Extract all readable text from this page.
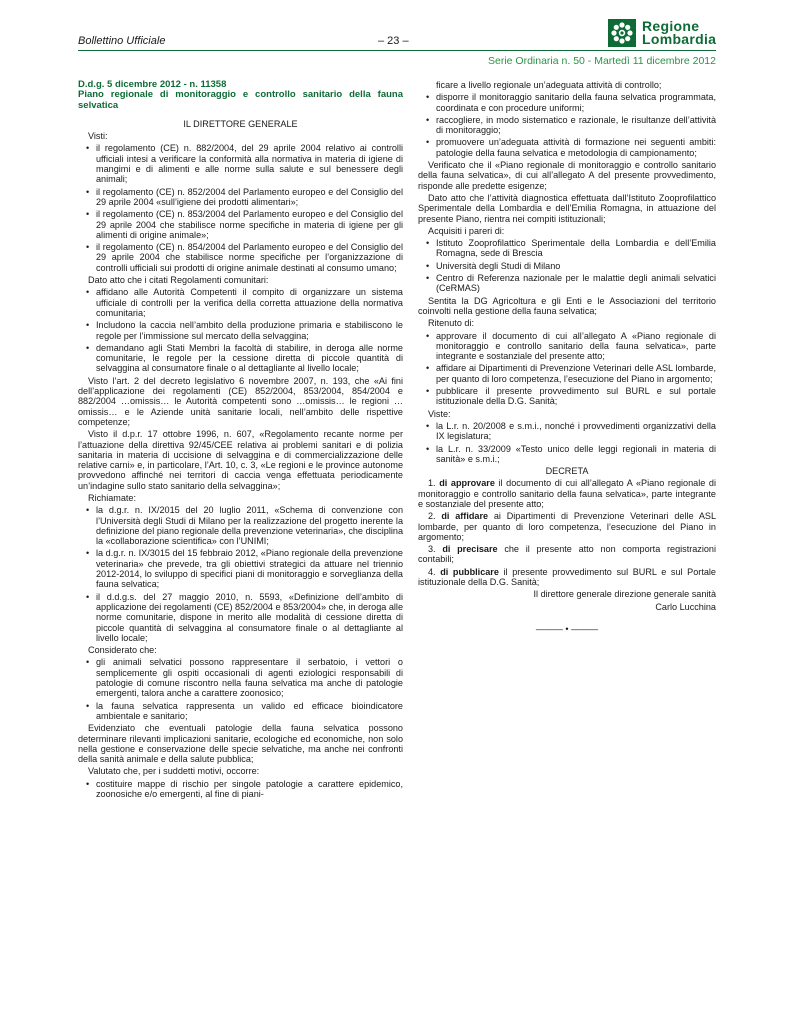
Bollettino Ufficiale	– 23 –
Regione
Lombardia
Serie Ordinaria n. 50 - Martedì 11 dicembre 2012
D.d.g. 5 dicembre 2012 - n. 11358
Piano regionale di monitoraggio e controllo sanitario della fauna selvatica

IL DIRETTORE GENERALE

Visti:

• il regolamento (CE) n. 882/2004, del 29 aprile 2004 relativo ai controlli ufficiali intesi a verificare la conformità alla normativa in materia di igiene di mangimi e di alimenti e alle norme sulla salute e sul benessere degli animali;
• il regolamento (CE) n. 852/2004 del Parlamento europeo e del Consiglio del 29 aprile 2004 «sull’igiene dei prodotti alimentari»;
• il regolamento (CE) n. 853/2004 del Parlamento europeo e del Consiglio del 29 aprile 2004 che stabilisce norme specifiche in materia di igiene per gli alimenti di origine animale»;
• il regolamento (CE) n. 854/2004 del Parlamento europeo e del Consiglio del 29 aprile 2004 che stabilisce norme specifiche per l’organizzazione di controlli ufficiali sui prodotti di origine animale destinati al consumo umano;

Dato atto che i citati Regolamenti comunitari:

• affidano alle Autorità Competenti il compito di organizzare un sistema ufficiale di controlli per la verifica della corretta attuazione della normativa comunitaria;
• Includono la caccia nell’ambito della produzione primaria e stabiliscono le regole per l’immissione sul mercato della selvaggina;
• demandano agli Stati Membri la facoltà di stabilire, in deroga alle norme comunitarie, le regole per la cessione diretta di piccole quantità di selvaggina al consumatore finale o al dettagliante al livello locale;

Visto l’art. 2 del decreto legislativo 6 novembre 2007, n. 193, che «Ai fini dell’applicazione dei regolamenti (CE) 852/2004, 853/2004, 854/2004 e 882/2004 …omissis… le Autorità competenti sono …omissis… le regioni …omissis… e le Aziende unità sanitarie locali, nell’ambito delle rispettive competenze;

Visto il d.p.r. 17 ottobre 1996, n. 607, «Regolamento recante norme per l’attuazione della direttiva 92/45/CEE relativa ai problemi sanitari e di polizia sanitaria in materia di uccisione di selvaggina e di commercializzazione delle relative carni» e, in particolare, l’Art. 10, c. 3, «Le regioni e le province autonome provvedono affinché nei territori di caccia venga effettuata periodicamente un’indagine sullo stato sanitario della selvaggina»;

Richiamate:

• la d.g.r. n. IX/2015 del 20 luglio 2011, «Schema di convenzione con l’Università degli Studi di Milano per la realizzazione del progetto inerente la definizione del piano regionale della prevenzione veterinaria», che disciplina la «collaborazione scientifica» con l’UNIMI;
• la d.g.r. n. IX/3015 del 15 febbraio 2012, «Piano regionale della prevenzione veterinaria» che prevede, tra gli obiettivi strategici da attuare nel triennio 2012-2014, lo sviluppo di specifici piani di monitoraggio e sorveglianza della fauna selvatica;
• il d.d.g.s. del 27 maggio 2010, n. 5593, «Definizione dell’ambito di applicazione dei regolamenti (CE) 852/2004 e 853/2004» che, in deroga alle norme comunitarie, dispone in merito alle modalità di cessione diretta di piccole quantità di selvaggina al consumatore finale o al dettagliante al livello locale;

Considerato che:

• gli animali selvatici possono rappresentare il serbatoio, i vettori o semplicemente gli ospiti occasionali di agenti eziologici responsabili di patologie di comune riscontro nella fauna selvatica ma anche di patologie emergenti, talora anche a carattere zoonosico;
• la fauna selvatica rappresenta un valido ed efficace bioindicatore ambientale e sanitario;

Evidenziato che eventuali patologie della fauna selvatica possono determinare rilevanti implicazioni sanitarie, ecologiche ed economiche, non solo nella gestione e conservazione delle specie selvatiche, ma anche nei confronti della sanità animale e della salute pubblica;

Valutato che, per i suddetti motivi, occorre:

• costituire mappe di rischio per singole patologie a carattere epidemico, zoonosiche e/o emergenti, al fine di piani-

ficare a livello regionale un’adeguata attività di controllo;

• disporre il monitoraggio sanitario della fauna selvatica programmata, coordinata e con procedure uniformi;
• raccogliere, in modo sistematico e razionale, le risultanze dell’attività di monitoraggio;
• promuovere un’adeguata attività di formazione nei seguenti ambiti: patologie della fauna selvatica e metodologia di campionamento;

Verificato che il «Piano regionale di monitoraggio e controllo sanitario della fauna selvatica», di cui all’allegato A del presente provvedimento, risponde alle predette esigenze;

Dato atto che l’attività diagnostica effettuata dall’Istituto Zooprofilattico Sperimentale della Lombardia e dell’Emilia Romagna, in attuazione del presente Piano, rientra nei compiti istituzionali;

Acquisiti i pareri di:

• Istituto Zooprofilattico Sperimentale della Lombardia e dell’Emilia Romagna, sede di Brescia
• Università degli Studi di Milano
• Centro di Referenza nazionale per le malattie degli animali selvatici (CeRMAS)

Sentita la DG Agricoltura e gli Enti e le Associazioni del territorio coinvolti nella gestione della fauna selvatica;

Ritenuto di:

• approvare il documento di cui all’allegato A «Piano regionale di monitoraggio e controllo sanitario della fauna selvatica», parte integrante e sostanziale del presente atto;
• affidare ai Dipartimenti di Prevenzione Veterinari delle ASL lombarde, per quanto di loro competenza, l’esecuzione del Piano in argomento;
• pubblicare il presente provvedimento sul BURL e sul portale istituzionale della D.G. Sanità;

Viste:

• la L.r. n. 20/2008 e s.m.i., nonché i provvedimenti organizzativi della IX legislatura;
• la L.r. n. 33/2009 «Testo unico delle leggi regionali in materia di sanità» e s.m.i.;

DECRETA

1. di approvare il documento di cui all’allegato A «Piano regionale di monitoraggio e controllo sanitario della fauna selvatica», parte integrante e sostanziale del presente atto;

2. di affidare ai Dipartimenti di Prevenzione Veterinari delle ASL lombarde, per quanto di loro competenza, l’esecuzione del Piano in argomento;

3. di precisare che il presente atto non comporta registrazioni contabili;

4. di pubblicare il presente provvedimento sul BURL e sul Portale istituzionale della D.G. Sanità;

Il direttore generale direzione generale sanità

Carlo Lucchina

——— • ———
